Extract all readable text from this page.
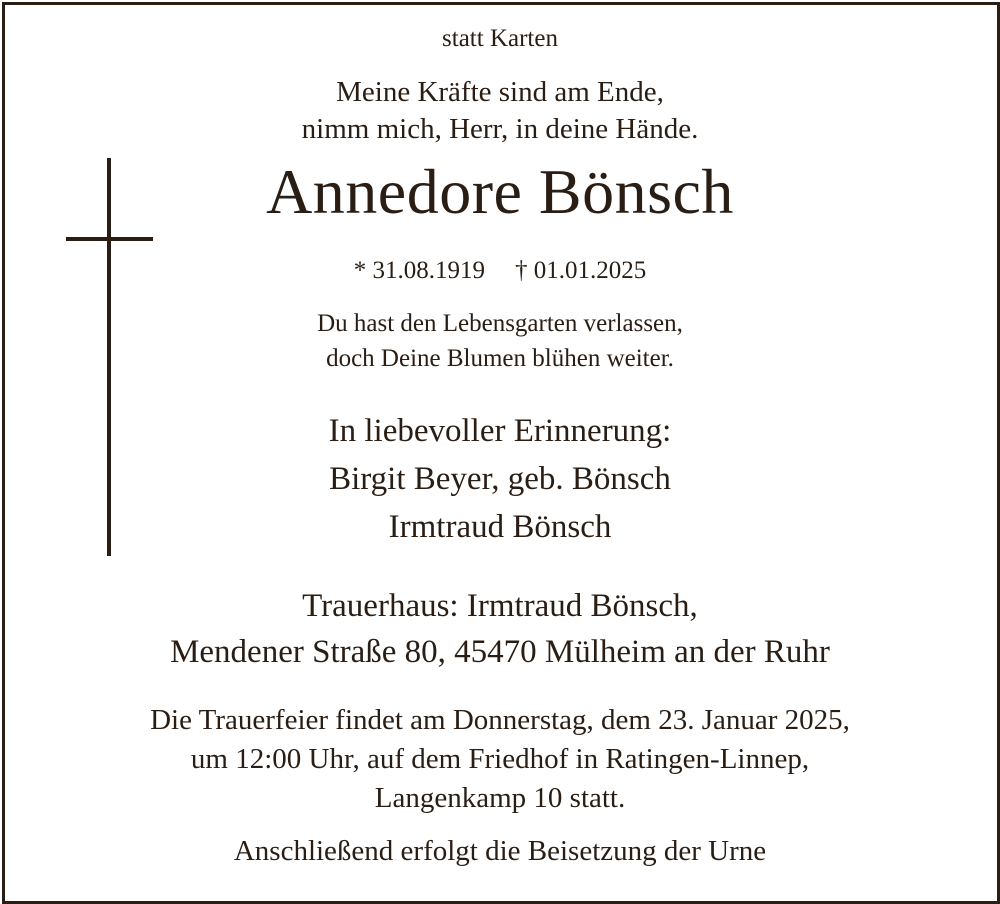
statt Karten
Meine Kräfte sind am Ende,
nimm mich, Herr, in deine Hände.
Annedore Bönsch
* 31.08.1919 † 01.01.2025
Du hast den Lebensgarten verlassen,
doch Deine Blumen blühen weiter.
In liebevoller Erinnerung:
Birgit Beyer, geb. Bönsch
Irmtraud Bönsch
Trauerhaus: Irmtraud Bönsch,
Mendener Straße 80, 45470 Mülheim an der Ruhr
Die Trauerfeier findet am Donnerstag, dem 23. Januar 2025,
um 12:00 Uhr, auf dem Friedhof in Ratingen-Linnep,
Langenkamp 10 statt.
Anschließend erfolgt die Beisetzung der Urne
